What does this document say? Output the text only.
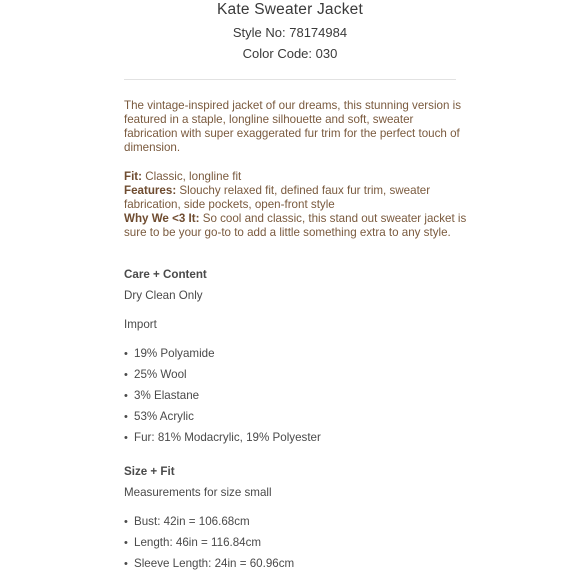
Kate Sweater Jacket
Style No: 78174984
Color Code: 030
The vintage-inspired jacket of our dreams, this stunning version is featured in a staple, longline silhouette and soft, sweater fabrication with super exaggerated fur trim for the perfect touch of dimension.
Fit: Classic, longline fit
Features: Slouchy relaxed fit, defined faux fur trim, sweater fabrication, side pockets, open-front style
Why We <3 It: So cool and classic, this stand out sweater jacket is sure to be your go-to to add a little something extra to any style.
Care + Content
Dry Clean Only
Import
• 19% Polyamide
• 25% Wool
• 3% Elastane
• 53% Acrylic
• Fur: 81% Modacrylic, 19% Polyester
Size + Fit
Measurements for size small
• Bust: 42in = 106.68cm
• Length: 46in = 116.84cm
• Sleeve Length: 24in = 60.96cm
